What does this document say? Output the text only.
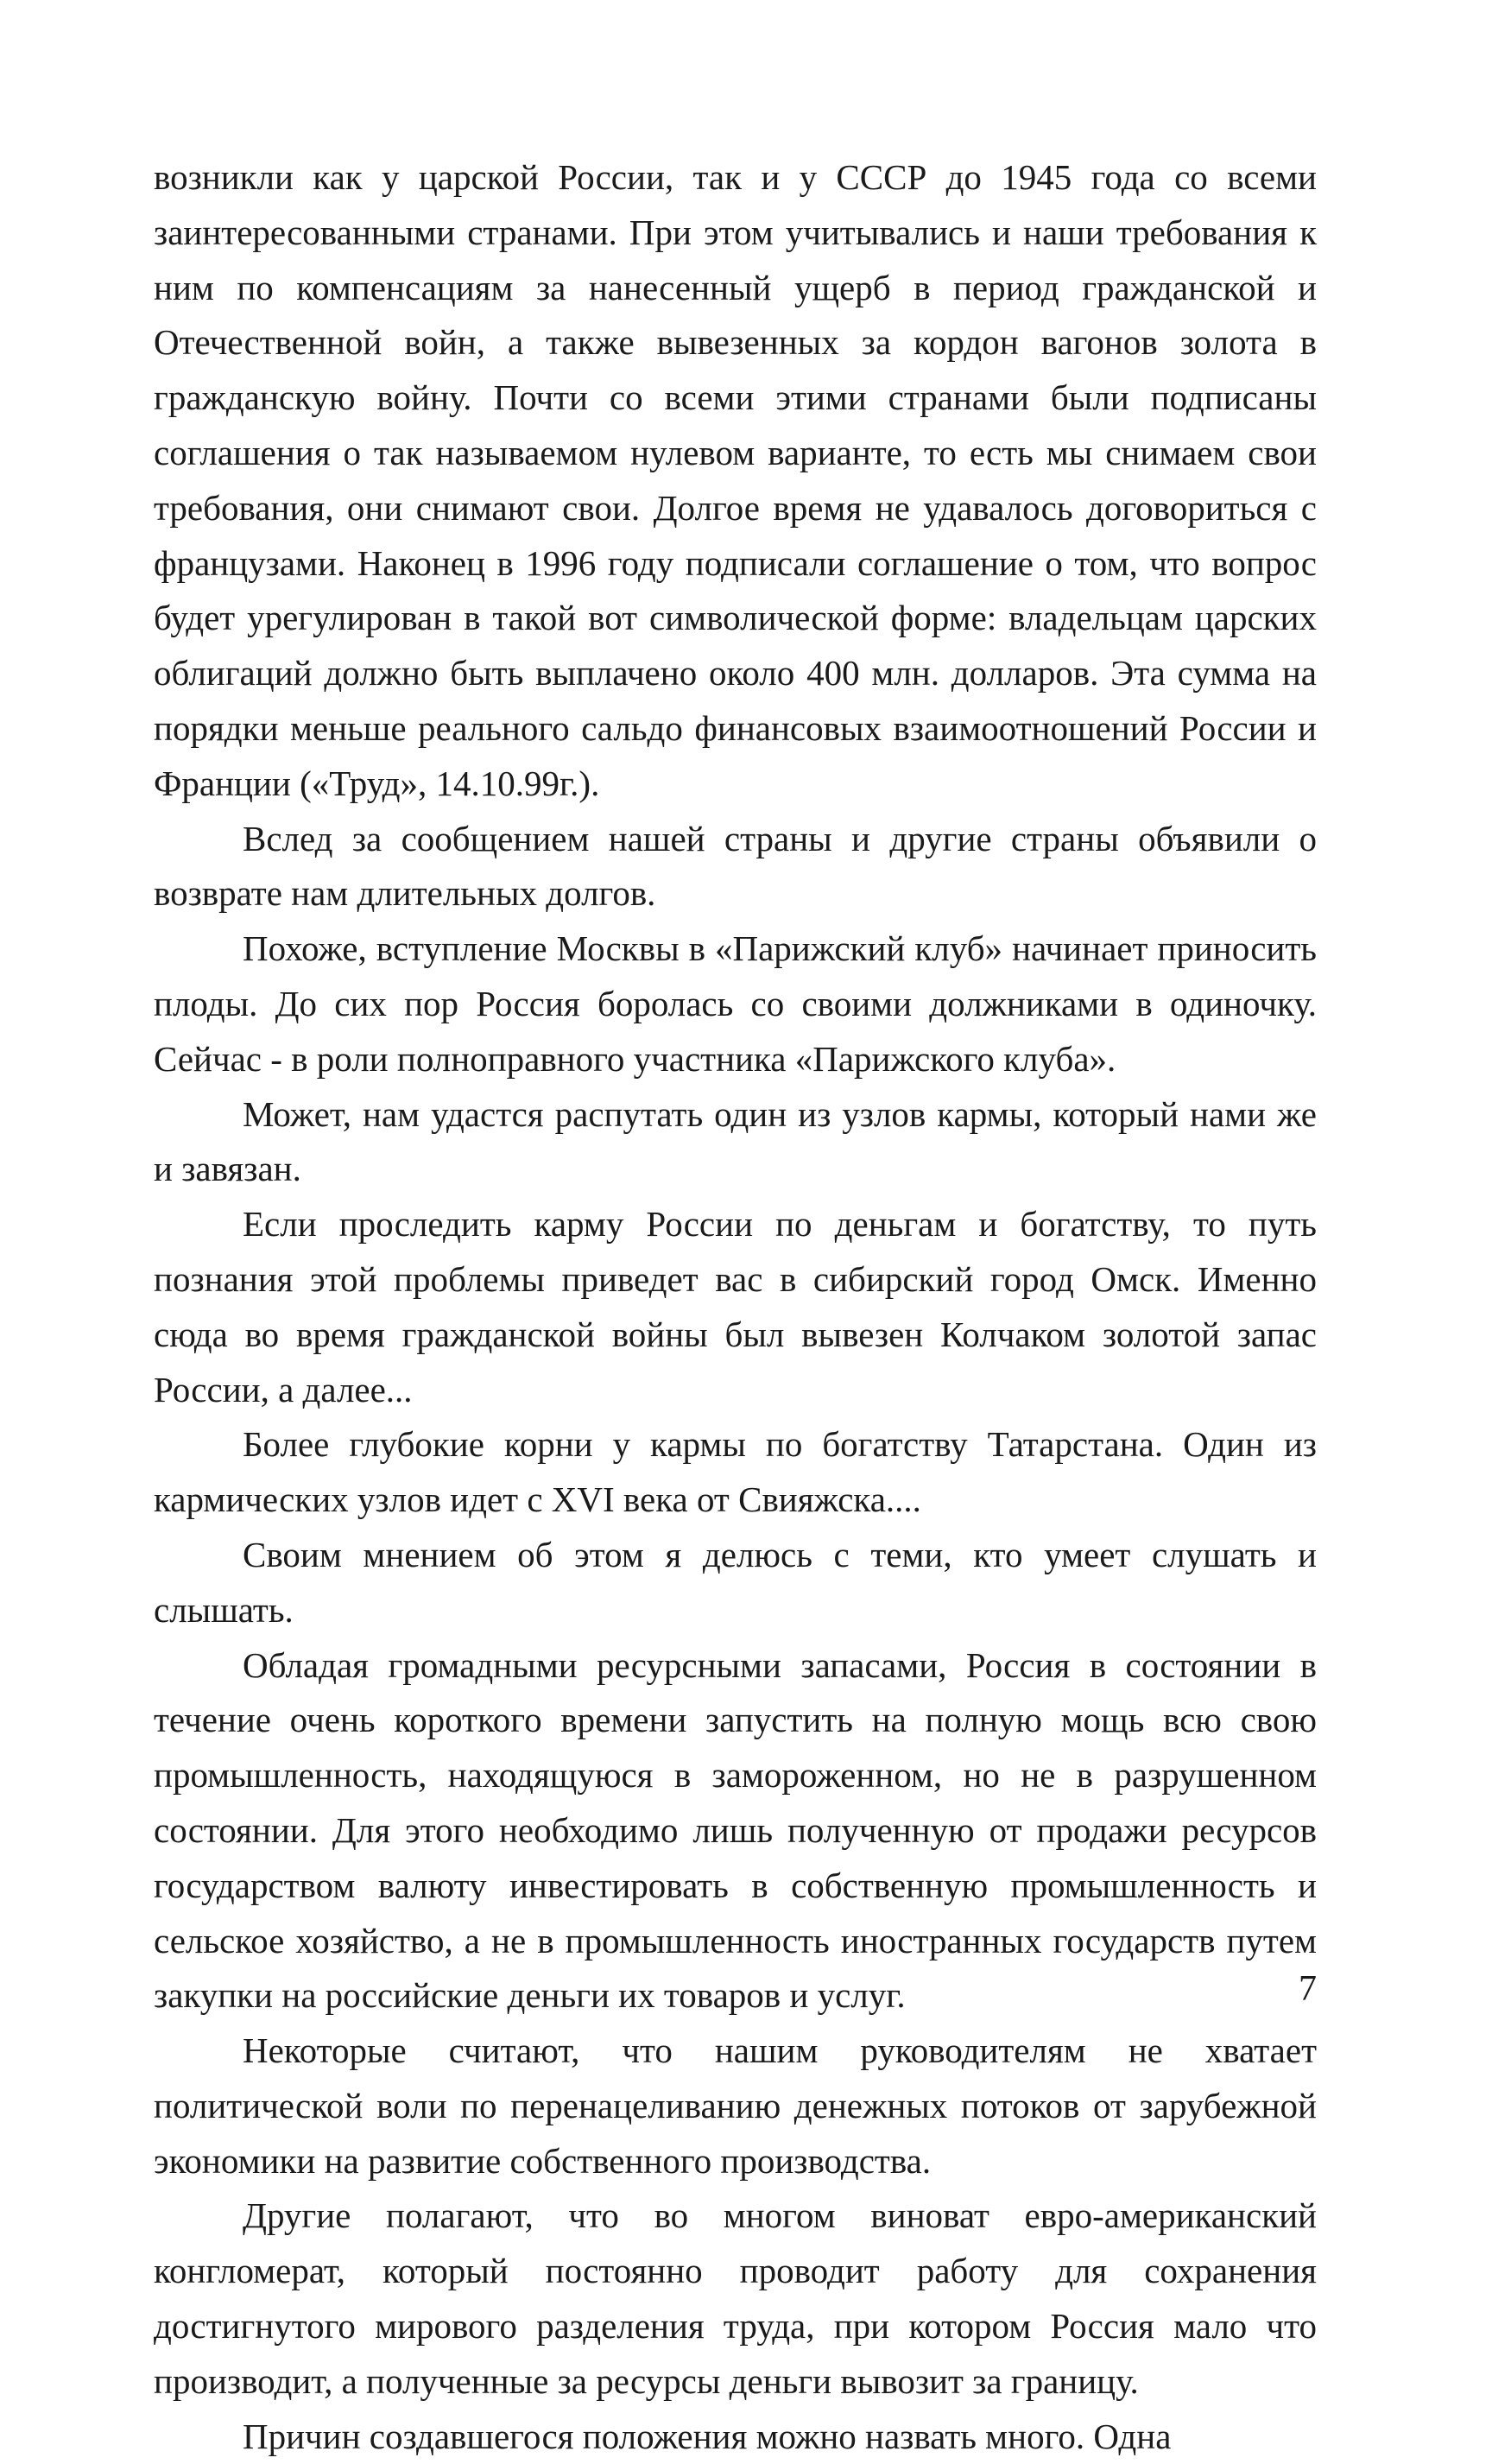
возникли как у царской России, так и у СССР до 1945 года со всеми заинтересованными странами. При этом учитывались и наши требования к ним по компенсациям за нанесенный ущерб в период гражданской и Отечественной войн, а также вывезенных за кордон вагонов золота в гражданскую войну. Почти со всеми этими странами были подписаны соглашения о так называемом нулевом варианте, то есть мы снимаем свои требования, они снимают свои. Долгое время не удавалось договориться с французами. Наконец в 1996 году подписали соглашение о том, что вопрос будет урегулирован в такой вот символической форме: владельцам царских облигаций должно быть выплачено около 400 млн. долларов. Эта сумма на порядки меньше реального сальдо финансовых взаимоотношений России и Франции («Труд», 14.10.99г.).

Вслед за сообщением нашей страны и другие страны объявили о возврате нам длительных долгов.

Похоже, вступление Москвы в «Парижский клуб» начинает приносить плоды. До сих пор Россия боролась со своими должниками в одиночку. Сейчас - в роли полноправного участника «Парижского клуба».

Может, нам удастся распутать один из узлов кармы, который нами же и завязан.

Если проследить карму России по деньгам и богатству, то путь познания этой проблемы приведет вас в сибирский город Омск. Именно сюда во время гражданской войны был вывезен Колчаком золотой запас России, а далее...

Более глубокие корни у кармы по богатству Татарстана. Один из кармических узлов идет с XVI века от Свияжска....

Своим мнением об этом я делюсь с теми, кто умеет слушать и слышать.

Обладая громадными ресурсными запасами, Россия в состоянии в течение очень короткого времени запустить на полную мощь всю свою промышленность, находящуюся в замороженном, но не в разрушенном состоянии. Для этого необходимо лишь полученную от продажи ресурсов государством валюту инвестировать в собственную промышленность и сельское хозяйство, а не в промышленность иностранных государств путем закупки на российские деньги их товаров и услуг.

Некоторые считают, что нашим руководителям не хватает политической воли по перенацеливанию денежных потоков от зарубежной экономики на развитие собственного производства.

Другие полагают, что во многом виноват евро-американский конгломерат, который постоянно проводит работу для сохранения достигнутого мирового разделения труда, при котором Россия мало что производит, а полученные за ресурсы деньги вывозит за границу.

Причин создавшегося положения можно назвать много. Одна

7
